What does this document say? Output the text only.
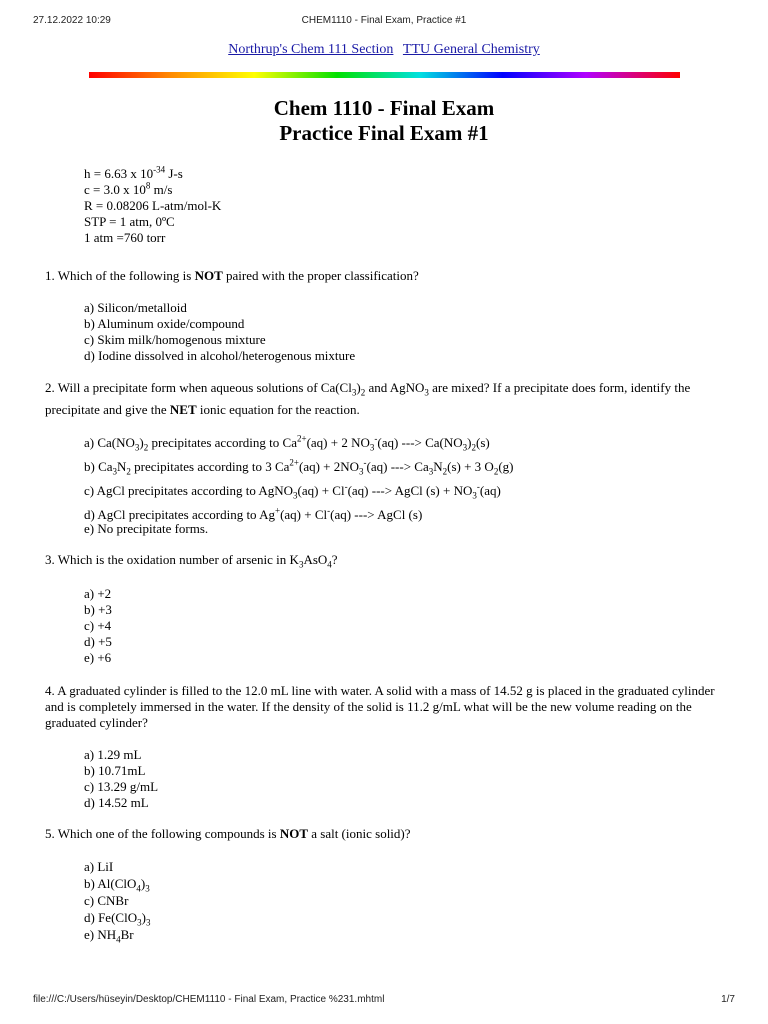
27.12.2022 10:29	CHEM1110 - Final Exam, Practice #1
Northrup's Chem 111 Section TTU General Chemistry
Chem 1110 - Final Exam
Practice Final Exam #1
h = 6.63 x $10^{-34}$ J-s
c = 3.0 x $10^8$ m/s
R = 0.08206 L-atm/mol-K
STP = 1 atm, 0ºC
1 atm =760 torr

1. Which of the following is NOT paired with the proper classification?

a) Silicon/metalloid
b) Aluminum oxide/compound
c) Skim milk/homogenous mixture
d) Iodine dissolved in alcohol/heterogenous mixture

2. Will a precipitate form when aqueous solutions of $Ca(Cl_3)_2$ and AgNO$_3$ are mixed? If a precipitate does form, identify the precipitate and give the NET ionic equation for the reaction.

a) $Ca(NO_3)_2$ precipitates according to $Ca^{2+}(aq) + 2$ $NO_3^-(aq)$ ---> $Ca(NO_3)_2(s)$
b) $Ca_3N_2$ precipitates according to 3 $Ca^{2+}(aq) + 2NO_3^-(aq)$ ---> $Ca_3N_2(s) + 3$ $O_2(g)$
c) AgCl precipitates according to AgNO$_3$(aq) + Cl-(aq) ---> AgCl $(s) + NO_3^-(aq)$
d) AgCl precipitates according to Ag+(aq) + Cl-(aq) ---> AgCl (s)
e) No precipitate forms.

3. Which is the oxidation number of arsenic in $K_3AsO_4$?

a) +2
b) +3
c) +4
d) +5
e) +6

4. A graduated cylinder is filled to the 12.0 mL line with water. A solid with a mass of 14.52 g is placed in the graduated cylinder and is completely immersed in the water. If the density of the solid is 11.2 g/mL what will be the new volume reading on the graduated cylinder?

a) 1.29 mL
b) 10.71mL
c) 13.29 g/mL
d) 14.52 mL

5. Which one of the following compounds is NOT a salt (ionic solid)?

a) LiI
b) $Al(ClO_4)_3$
c) CNBr
d) $Fe(ClO_3)_3$
e) $NH_4Br$
file:///C:/Users/hüseyin/Desktop/CHEM1110 - Final Exam, Practice %231.mhtml	1/7
